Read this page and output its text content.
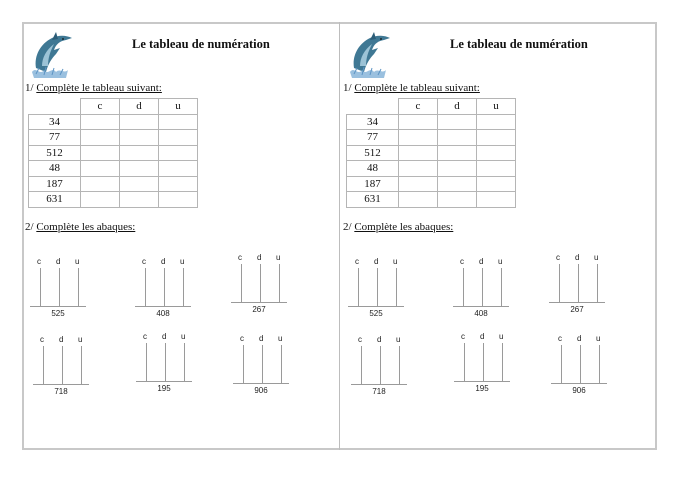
Le tableau de numération
1/ Complète le tableau suivant:
	c	d	u
34			
77			
512			
48			
187			
631			
2/ Complète les abaques:
c d u
525
c d u
408
c d u
267
c d u
718
c d u
195
c d u
906
Le tableau de numération
1/ Complète le tableau suivant:
	c	d	u
34			
77			
512			
48			
187			
631			
2/ Complète les abaques:
c d u
525
c d u
408
c d u
267
c d u
718
c d u
195
c d u
906
